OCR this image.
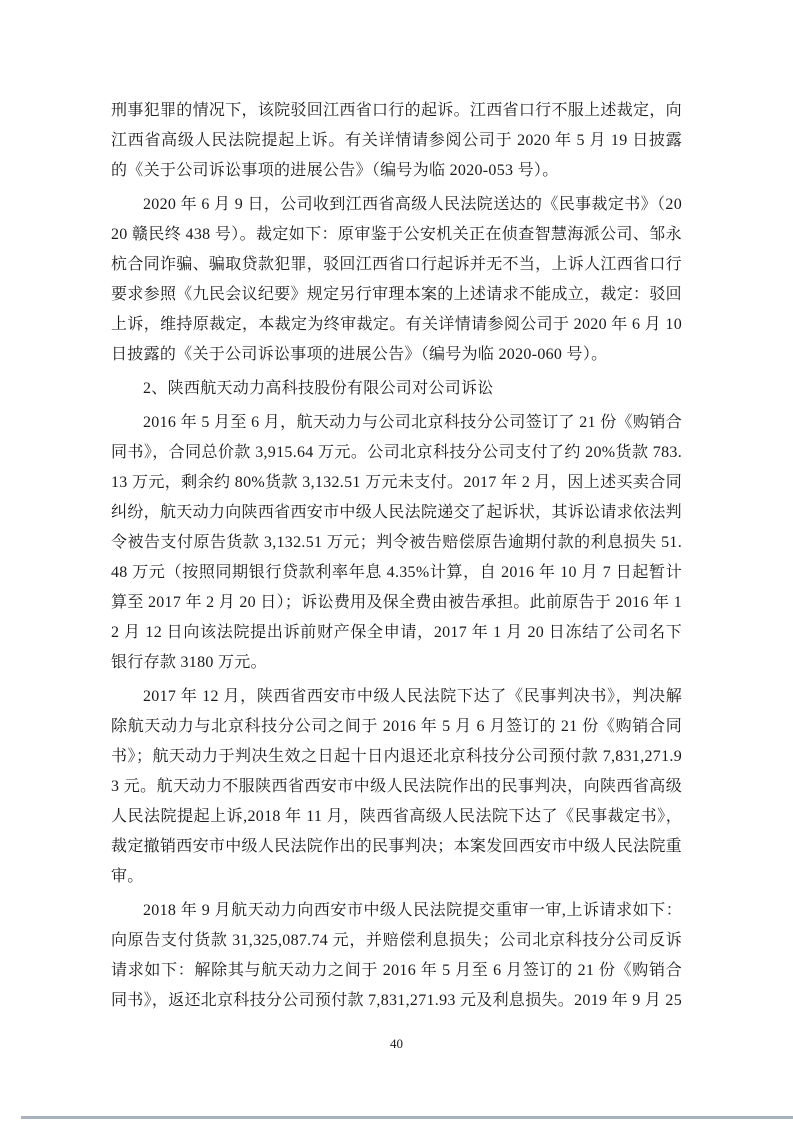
刑事犯罪的情况下，该院驳回江西省口行的起诉。江西省口行不服上述裁定，向江西省高级人民法院提起上诉。有关详情请参阅公司于 2020 年 5 月 19 日披露的《关于公司诉讼事项的进展公告》（编号为临 2020-053 号）。

2020 年 6 月 9 日，公司收到江西省高级人民法院送达的《民事裁定书》（2020 赣民终 438 号）。裁定如下：原审鉴于公安机关正在侦查智慧海派公司、邹永杭合同诈骗、骗取贷款犯罪，驳回江西省口行起诉并无不当，上诉人江西省口行要求参照《九民会议纪要》规定另行审理本案的上述请求不能成立，裁定：驳回上诉，维持原裁定，本裁定为终审裁定。有关详情请参阅公司于 2020 年 6 月 10 日披露的《关于公司诉讼事项的进展公告》（编号为临 2020-060 号）。

2、陕西航天动力高科技股份有限公司对公司诉讼

2016 年 5 月至 6 月，航天动力与公司北京科技分公司签订了 21 份《购销合同书》，合同总价款 3,915.64 万元。公司北京科技分公司支付了约 20%货款 783.13 万元，剩余约 80%货款 3,132.51 万元未支付。2017 年 2 月，因上述买卖合同纠纷，航天动力向陕西省西安市中级人民法院递交了起诉状，其诉讼请求依法判令被告支付原告货款 3,132.51 万元；判令被告赔偿原告逾期付款的利息损失 51.48 万元（按照同期银行贷款利率年息 4.35%计算，自 2016 年 10 月 7 日起暂计算至 2017 年 2 月 20 日）；诉讼费用及保全费由被告承担。此前原告于 2016 年 12 月 12 日向该法院提出诉前财产保全申请，2017 年 1 月 20 日冻结了公司名下银行存款 3180 万元。

2017 年 12 月，陕西省西安市中级人民法院下达了《民事判决书》，判决解除航天动力与北京科技分公司之间于 2016 年 5 月 6 月签订的 21 份《购销合同书》；航天动力于判决生效之日起十日内退还北京科技分公司预付款 7,831,271.93 元。航天动力不服陕西省西安市中级人民法院作出的民事判决，向陕西省高级人民法院提起上诉,2018 年 11 月，陕西省高级人民法院下达了《民事裁定书》，裁定撤销西安市中级人民法院作出的民事判决；本案发回西安市中级人民法院重审。

2018 年 9 月航天动力向西安市中级人民法院提交重审一审,上诉请求如下：向原告支付货款 31,325,087.74 元，并赔偿利息损失；公司北京科技分公司反诉请求如下：解除其与航天动力之间于 2016 年 5 月至 6 月签订的 21 份《购销合同书》，返还北京科技分公司预付款 7,831,271.93 元及利息损失。2019 年 9 月 25

40
